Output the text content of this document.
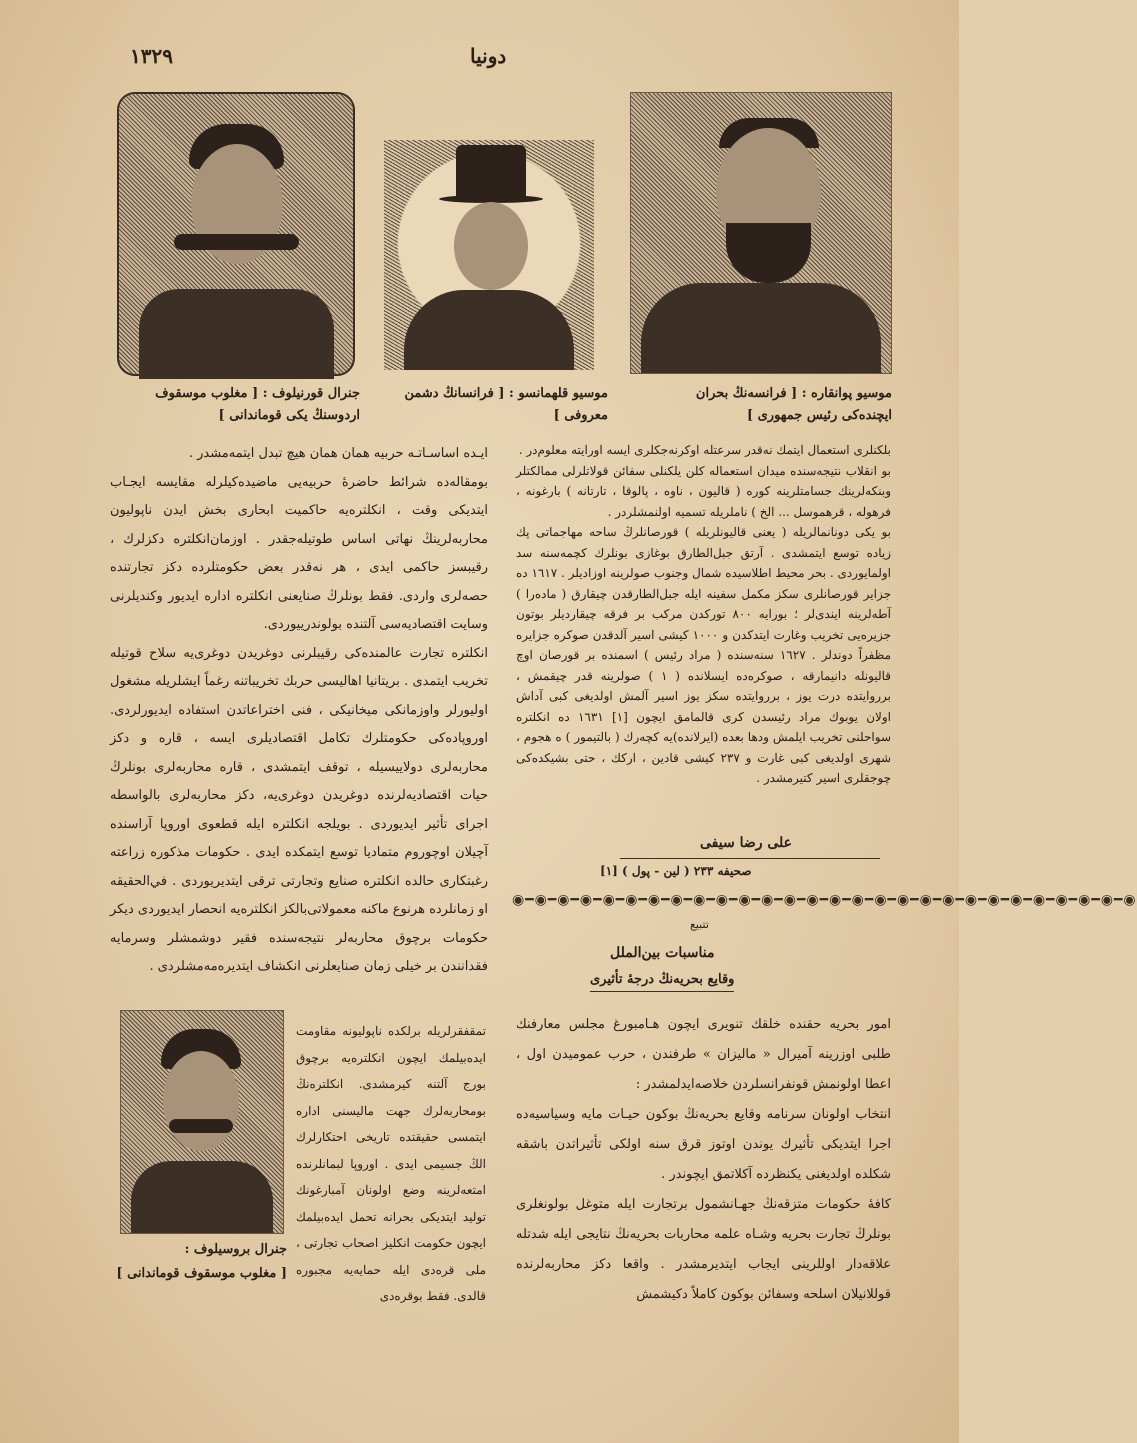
١٣٢٩	دونيا
جنرال قورنيلوف : [ مغلوب موسقوف
اردوسنڭ يكى قوماندانى ]
موسيو قلهمانسو : [ فرانسانڭ دشمن
معروفى ]
موسيو پوانقاره : [ فرانسه‌نڭ بحران
ايچنده‌كى رئيس جمهورى ]

ايـده اساسـاتـه حربيه همان همان هيچ تبدل ايتمه‌مشدر .

بومقاله‌ده شرائط حاضره‌ٔ حربيه‌يى ماضيده‌كيلرله مقايسه ايجـاب ايتديكى وقت ، انكلتره‌يه حاكميت ابحارى بخش ايدن ناپوليون محاربه‌لرينڭ نهاتى اساس طوتيله‌جقدر . اوزمان‌انكلتره دكزلرك ، رقيبسز حاكمى ايدى ، هر نه‌قدر بعض حكومتلرده دكز تجارتنده حصه‌لرى واردى. فقط بونلرڭ صنايعنى انكلتره اداره ايديور وكنديلرنى وسايت اقتصاديه‌سى آلتنده بولوندرييوردى.

انكلتره تجارت عالمنده‌كى رقيبلرنى دوغريدن دوغرى‌يه سلاح قوتيله تخريب ايتمدى . بريتانيا اهاليسى حربك تخريباتنه رغماً ايشلريله مشغول اوليورلر واوزمانكى ميخانيكى ، فنى اختراعاتدن استفاده ايديورلردى. اوروپاده‌كى حكومتلرك تكامل اقتصاديلرى ايسه ، قاره و دكز محاربه‌لرى دولاييسيله ، توقف ايتمشدى ، قاره محاربه‌لرى بونلرڭ حيات اقتصاديه‌لرنده دوغريدن دوغرى‌يه، دكز محاربه‌لرى بالواسطه اجراى تأثير ايديوردى . بويلجه انكلتره ايله قطعوى اوروپا آراسنده آچيلان اوچوروم متماديا توسع ايتمكده ايدى . حكومات مذكوره زراعته رغبتكارى حالده انكلتره صنايع وتجارتى ترقى ايتديريوردى . في‌الحقيقه او زمانلرده هرنوع ماكنه معمولاتى‌بالكز انكلتره‌يه انحصار ايديوردى ديكر حكومات برچوق محاربه‌لر نتيجه‌سنده فقير دوشمشلر وسرمايه فقدانندن بر خيلى زمان صنايعلرنى انكشاف ايتديره‌مه‌مشلردى .

بلكنلرى استعمال ايتمك نه‌قدر سرعتله اوكرنه‌جكلرى ايسه اورايته معلوم‌در .

بو انقلاب نتيجه‌سنده ميدان استعماله كلن يلكنلى سفائن قولاتلرلى ممالكتلر وبنكه‌لرينك جسامتلرينه كوره ( قاليون ، ناوه ، پالوقا ، تارتانه ) بارغونه ، فرهوله ، قرهموسل ... الخ ) ناملريله تسميه اولنمشلردر .

بو يكى دونانمالريله ( يعنى قاليونلريله ) قورصانلرڭ ساحه مهاجماتى پك زياده توسع ايتمشدى . آرتق جبل‌الطارق بوغازى بونلرك كچمه‌سنه سد اولمايوردى . بحر محيط اطلاسيده شمال وجنوب صولرينه اوزاديلر . ١٦١٧ ده جزاير قورصانلرى سكز مكمل سفينه ايله جبل‌الطارقدن چيقارق ( ماده‌را ) آطه‌لرينه ايندى‌لر ؛ بورايه ٨٠٠ توركدن مركب بر فرقه چيقارديلر بوتون جزيره‌يى تخريب وغارت ايتدكدن و ١٠٠٠ كيشى اسير آلدقدن صوكره جزايره مظفراً دوندلر . ١٦٢٧ سنه‌سنده ( مراد رئيس ) اسمنده بر قورصان اوچ قاليونله دانيمارقه ، صوكره‌ده ايسلانده ( ١ ) صولرينه قدر چيقمش ، برروايتده درت يوز ، برروايتده سكز يوز اسير آلمش اولديغى كبى آداش اولان يوبوك مراد رئيسدن كرى قالمامق ايچون [١] ١٦٣١ ده انكلتره سواحلنى تخريب ايلمش ودها بعده (ايرلانده)يه كچه‌رك ( بالتيمور ) ه هجوم ، شهرى اولديغى كبى غارت و ٢٣٧ كيشى قادين ، اركك ، حتى بشيكده‌كى چوجقلرى اسير كتيرمشدر .

على رضا سيفى
[١] ( لين - پول ) صحيفه ٢٣٣
◉━◉━◉━◉━◉━◉━◉━◉━◉━◉━◉━◉━◉━◉━◉━◉━◉━◉━◉━◉━◉━◉━◉━◉━◉━◉━◉━◉
تتبيع
مناسبات بين‌الملل
وقايع بحريه‌نڭ درجهٔ تأثيرى

امور بحريه حقنده خلقك تنويرى ايچون هـامبورغ مجلس معارفنك طلبى اوزرينه آميرال « ماليزان » طرفندن ، حرب عموميدن اول ، اعطا اولونمش قونفرانسلردن خلاصه‌ايدلمشدر :

انتخاب اولونان سرنامه وقايع بحريه‌نڭ بوكون حيـات مايه وسياسيه‌ده اجرا ايتديكى تأثيرك يوندن اوتوز قرق سنه اولكى تأثيراتدن باشقه شكلده اولديغنى يكنظرده آكلاتمق ايچوندر .

كافهٔ حكومات متزقه‌نڭ جهـانشمول برتجارت ايله متوغل بولونغلرى بونلرڭ تجارت بحريه وشـاه علمه محاربات بحريه‌نڭ نتايجى ايله شدتله علاقه‌دار اوللرينى ايجاب ايتديرمشدر . واقعا دكز محاربه‌لرنده قوللانيلان اسلحه وسفائن بوكون كاملاً دكيشمش

تمقفقرلريله برلكده ناپوليونه مقاومت ايده‌بيلمك ايچون انكلتره‌يه برچوق بورج آلتنه كيرمشدى. انكلتره‌نڭ بومحاربه‌لرك جهت ماليسنى اداره ايتمسى حقيقتده تاريخى احتكارلرك الڭ جسيمى ايدى . اوروپا لبمانلرنده امتعه‌لرينه وضع اولونان آمبارغونك توليد ايتديكى بحرانه تحمل ايده‌بيلمك ايچون حكومت انكليز اصحاب تجارتى ، ملى قره‌دى ايله حمايه‌يه مجبوره قالدى. فقط بوقره‌دى

جنرال بروسيلوف :
[ مغلوب موسقوف قوماندانى ]
